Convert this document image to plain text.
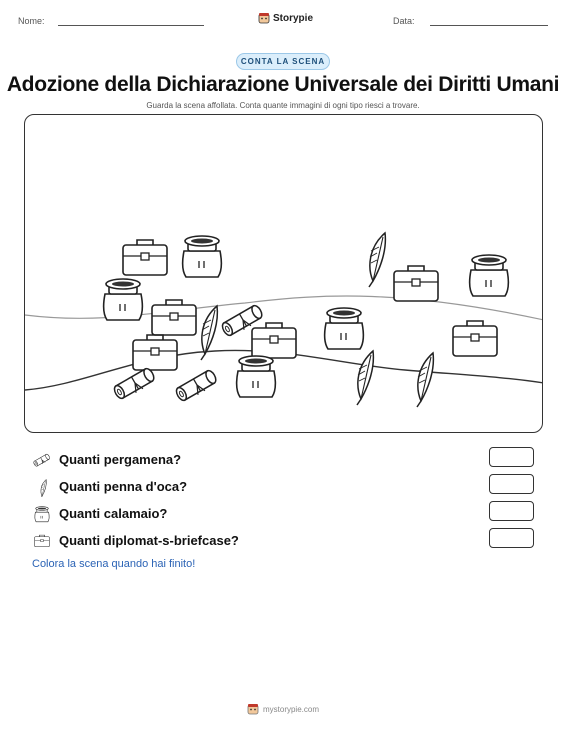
Nome:	Storypie	Data:
CONTA LA SCENA
Adozione della Dichiarazione Universale dei Diritti Umani
Guarda la scena affollata. Conta quante immagini di ogni tipo riesci a trovare.
Quanti pergamena?
Quanti penna d'oca?
Quanti calamaio?
Quanti diplomat-s-briefcase?
Colora la scena quando hai finito!
mystorypie.com
